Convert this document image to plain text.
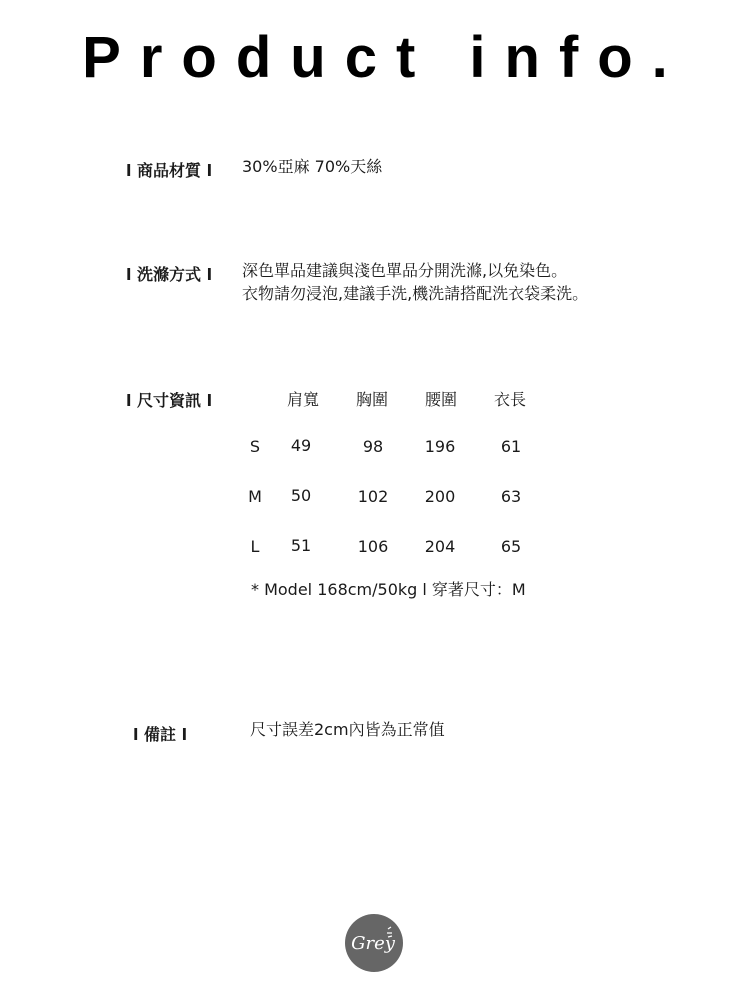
Product info.
l 商品材質 l 30%亞麻 70%天絲
l 洗滌方式 l 深色單品建議與淺色單品分開洗滌,以免染色。
衣物請勿浸泡,建議手洗,機洗請搭配洗衣袋柔洗。
l 尺寸資訊 l	肩寬	胸圍	腰圍	衣長
S	49	98	196	61
M	50	102	200	63
L	51	106	204	65
* Model 168cm/50kg l 穿著尺寸：M
l 備註 l	尺寸誤差2cm內皆為正常值
Grey
